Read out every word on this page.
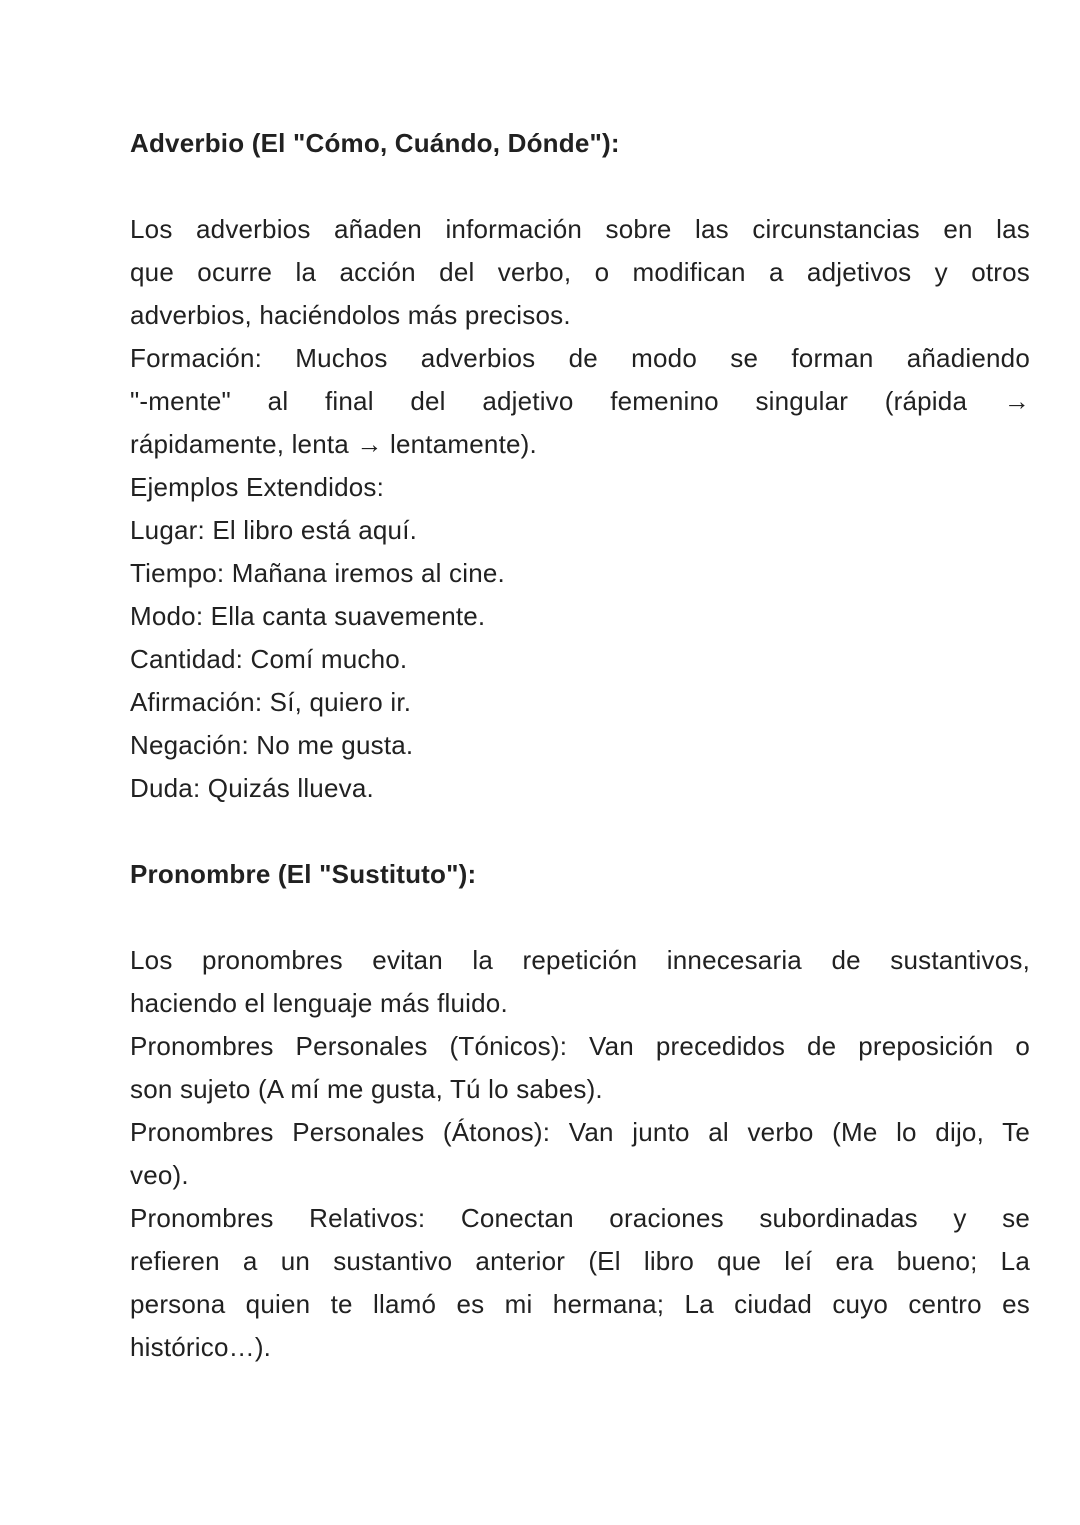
Adverbio (El "Cómo, Cuándo, Dónde"):
Los adverbios añaden información sobre las circunstancias en las
que ocurre la acción del verbo, o modifican a adjetivos y otros
adverbios, haciéndolos más precisos.
Formación: Muchos adverbios de modo se forman añadiendo
"-mente" al final del adjetivo femenino singular (rápida →
rápidamente, lenta → lentamente).
Ejemplos Extendidos:
Lugar: El libro está aquí.
Tiempo: Mañana iremos al cine.
Modo: Ella canta suavemente.
Cantidad: Comí mucho.
Afirmación: Sí, quiero ir.
Negación: No me gusta.
Duda: Quizás llueva.
Pronombre (El "Sustituto"):
Los pronombres evitan la repetición innecesaria de sustantivos,
haciendo el lenguaje más fluido.
Pronombres Personales (Tónicos): Van precedidos de preposición o
son sujeto (A mí me gusta, Tú lo sabes).
Pronombres Personales (Átonos): Van junto al verbo (Me lo dijo, Te
veo).
Pronombres Relativos: Conectan oraciones subordinadas y se
refieren a un sustantivo anterior (El libro que leí era bueno; La
persona quien te llamó es mi hermana; La ciudad cuyo centro es
histórico…).
